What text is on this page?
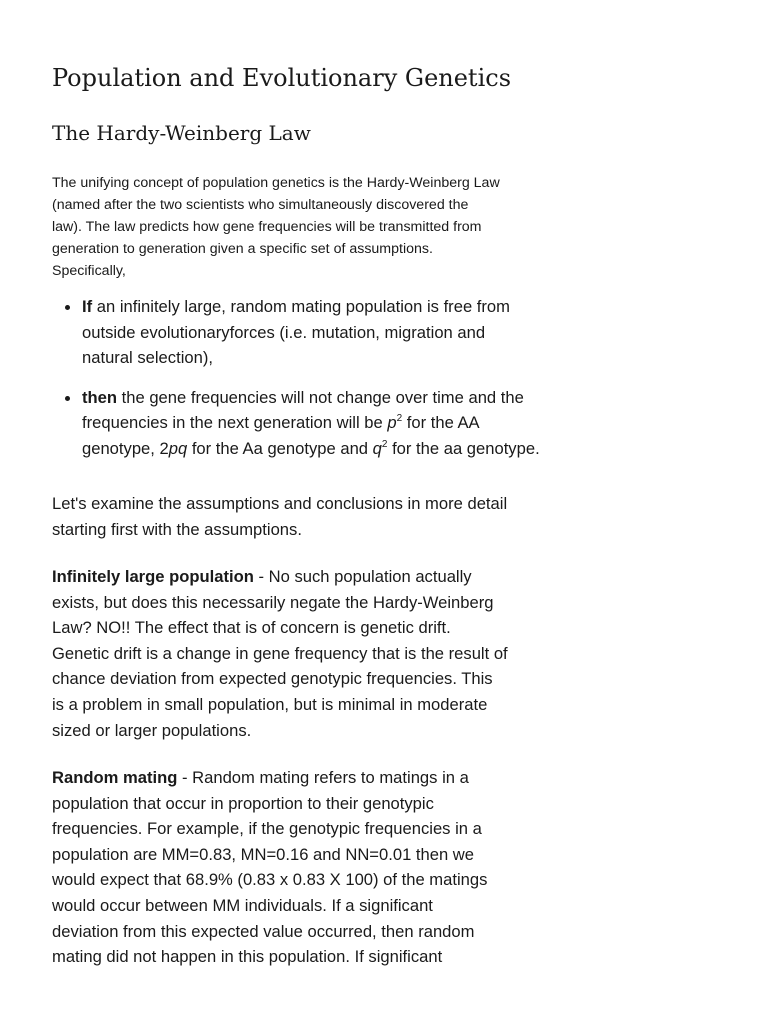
Population and Evolutionary Genetics
The Hardy-Weinberg Law

The unifying concept of population genetics is the Hardy-Weinberg Law
(named after the two scientists who simultaneously discovered the
law). The law predicts how gene frequencies will be transmitted from
generation to generation given a specific set of assumptions.
Specifically,

If an infinitely large, random mating population is free from
outside evolutionaryforces (i.e. mutation, migration and
natural selection),
then the gene frequencies will not change over time and the
frequencies in the next generation will be $p^2$ for the AA
genotype, 2pq for the Aa genotype and $q^2$ for the aa genotype.

Let's examine the assumptions and conclusions in more detail
starting first with the assumptions.

Infinitely large population - No such population actually
exists, but does this necessarily negate the Hardy-Weinberg
Law? NO!! The effect that is of concern is genetic drift.
Genetic drift is a change in gene frequency that is the result of
chance deviation from expected genotypic frequencies. This
is a problem in small population, but is minimal in moderate
sized or larger populations.

Random mating - Random mating refers to matings in a
population that occur in proportion to their genotypic
frequencies. For example, if the genotypic frequencies in a
population are MM=0.83, MN=0.16 and NN=0.01 then we
would expect that 68.9% (0.83 x 0.83 X 100) of the matings
would occur between MM individuals. If a significant
deviation from this expected value occurred, then random
mating did not happen in this population. If significant
